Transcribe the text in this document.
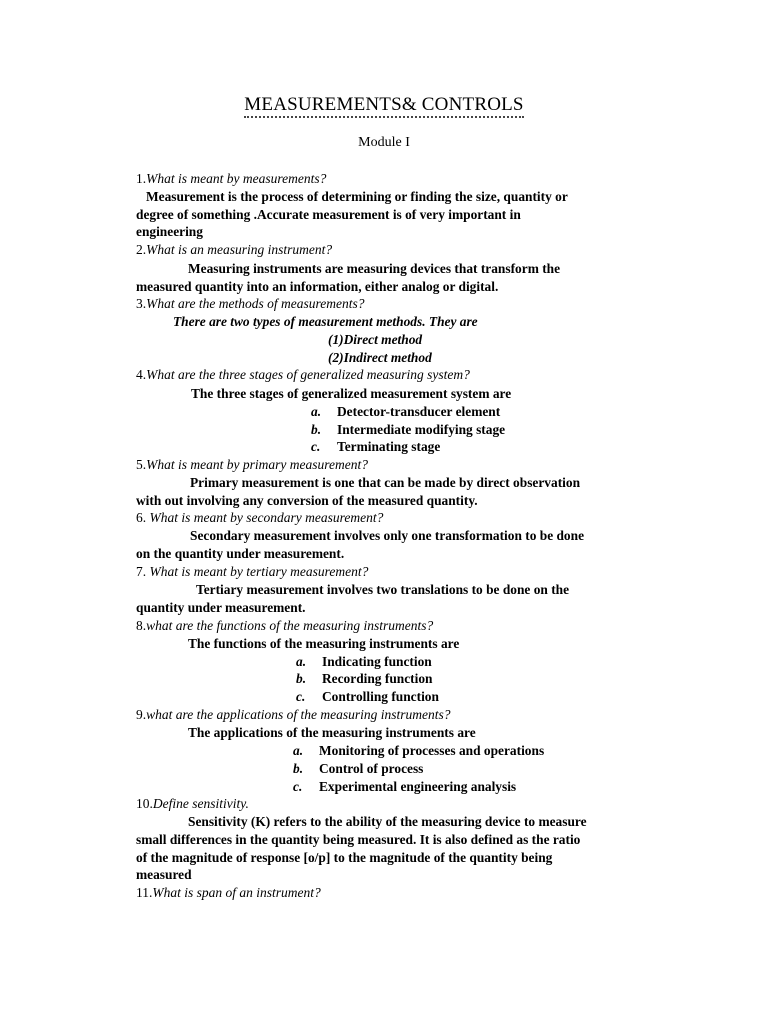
MEASUREMENTS& CONTROLS
Module I
1.What is meant by measurements?
Measurement is the process of determining or finding the size, quantity or
degree of something .Accurate measurement is of very important in
engineering
2.What is an measuring instrument?
Measuring instruments are measuring devices that transform the
measured quantity into an information, either analog or digital.
3.What are the methods of measurements?
There are two types of measurement methods. They are
(1)Direct method
(2)Indirect method
4.What are the three stages of generalized measuring system?
The three stages of generalized measurement system are
a. Detector-transducer element
b. Intermediate modifying stage
c. Terminating stage
5.What is meant by primary measurement?
Primary measurement is one that can be made by direct observation
with out involving any conversion of the measured quantity.
6. What is meant by secondary measurement?
Secondary measurement involves only one transformation to be done
on the quantity under measurement.
7. What is meant by tertiary measurement?
Tertiary measurement involves two translations to be done on the
quantity under measurement.
8.what are the functions of the measuring instruments?
The functions of the measuring instruments are
a. Indicating function
b. Recording function
c. Controlling function
9.what are the applications of the measuring instruments?
The applications of the measuring instruments are
a. Monitoring of processes and operations
b. Control of process
c. Experimental engineering analysis
10.Define sensitivity.
Sensitivity (K) refers to the ability of the measuring device to measure
small differences in the quantity being measured. It is also defined as the ratio
of the magnitude of response [o/p] to the magnitude of the quantity being
measured
11.What is span of an instrument?
